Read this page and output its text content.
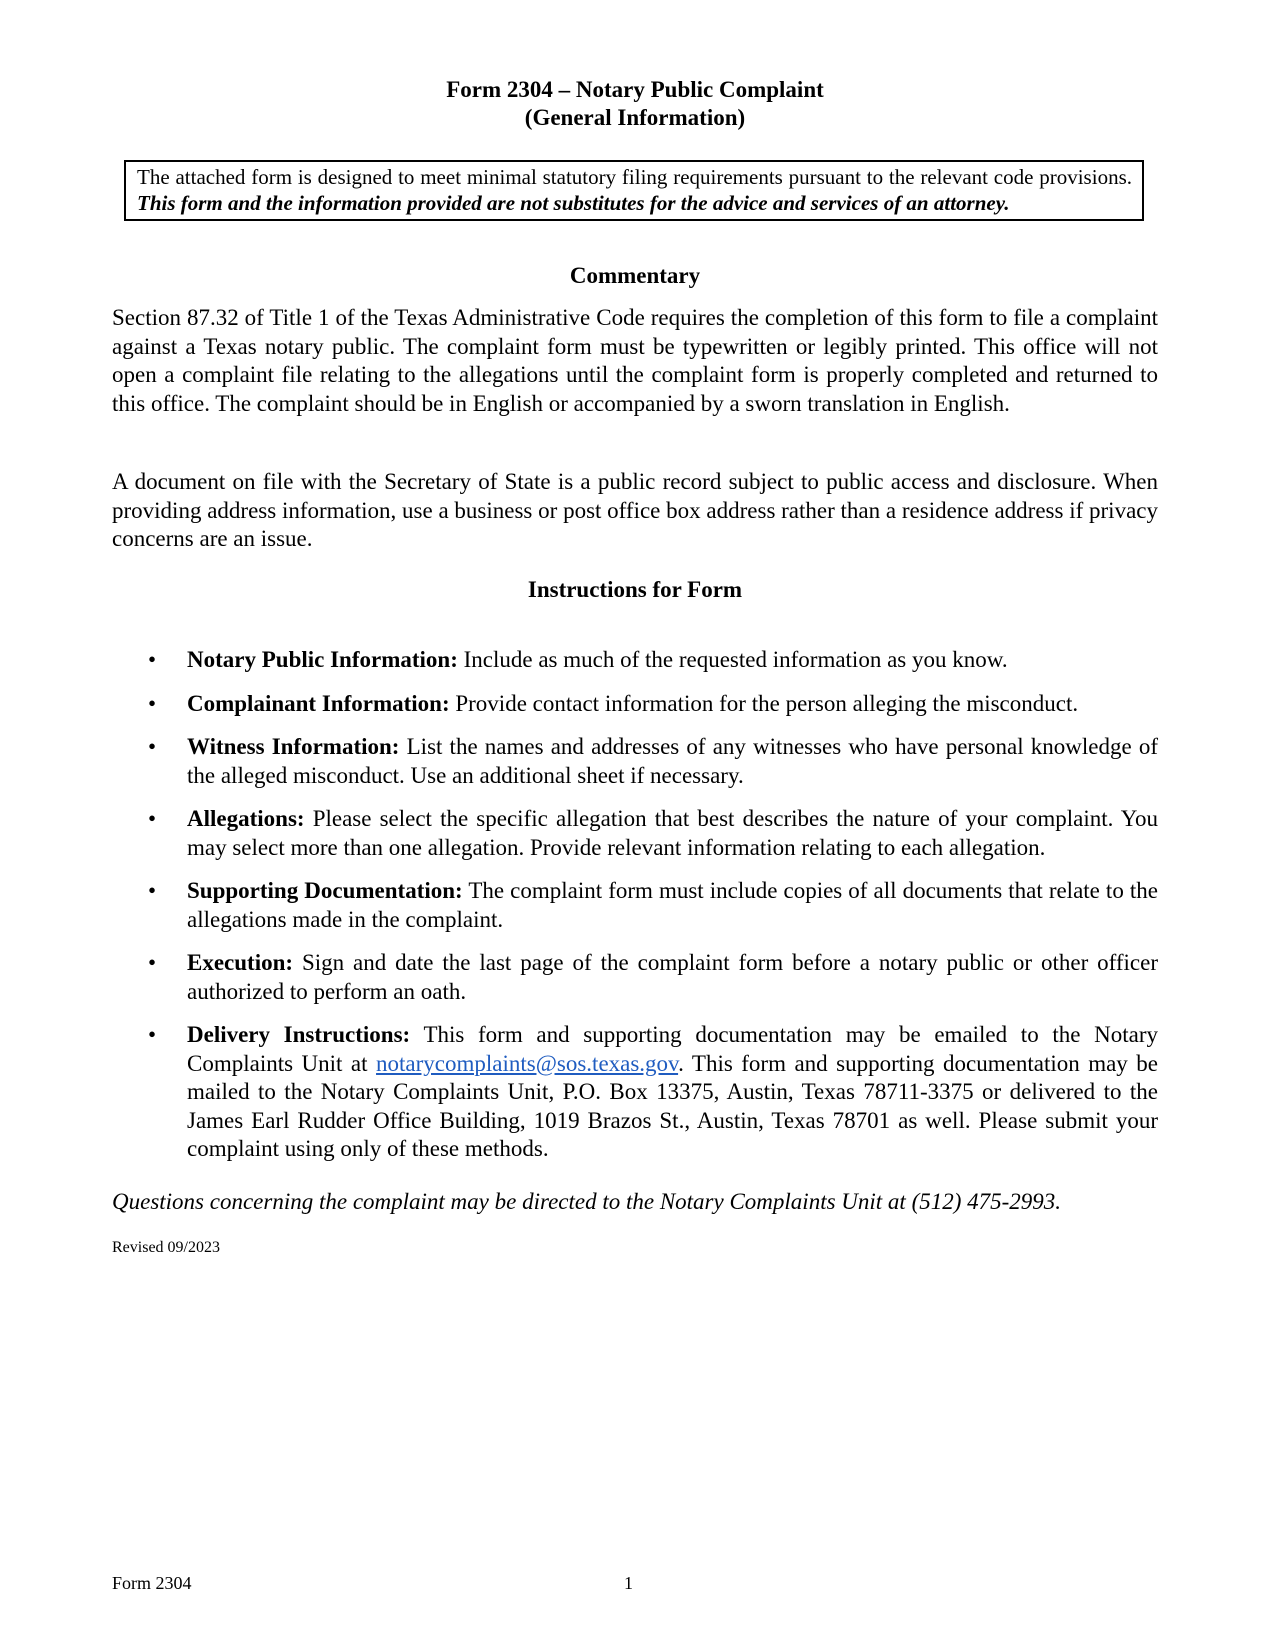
Form 2304 – Notary Public Complaint
(General Information)
The attached form is designed to meet minimal statutory filing requirements pursuant to the relevant code provisions. This form and the information provided are not substitutes for the advice and services of an attorney.
Commentary
Section 87.32 of Title 1 of the Texas Administrative Code requires the completion of this form to file a complaint against a Texas notary public. The complaint form must be typewritten or legibly printed. This office will not open a complaint file relating to the allegations until the complaint form is properly completed and returned to this office. The complaint should be in English or accompanied by a sworn translation in English.
A document on file with the Secretary of State is a public record subject to public access and disclosure. When providing address information, use a business or post office box address rather than a residence address if privacy concerns are an issue.
Instructions for Form
• Notary Public Information: Include as much of the requested information as you know.
• Complainant Information: Provide contact information for the person alleging the misconduct.
• Witness Information: List the names and addresses of any witnesses who have personal knowledge of the alleged misconduct. Use an additional sheet if necessary.
• Allegations: Please select the specific allegation that best describes the nature of your complaint. You may select more than one allegation. Provide relevant information relating to each allegation.
• Supporting Documentation: The complaint form must include copies of all documents that relate to the allegations made in the complaint.
• Execution: Sign and date the last page of the complaint form before a notary public or other officer authorized to perform an oath.
• Delivery Instructions: This form and supporting documentation may be emailed to the Notary Complaints Unit at notarycomplaints@sos.texas.gov. This form and supporting documentation may be mailed to the Notary Complaints Unit, P.O. Box 13375, Austin, Texas 78711-3375 or delivered to the James Earl Rudder Office Building, 1019 Brazos St., Austin, Texas 78701 as well. Please submit your complaint using only of these methods.
Questions concerning the complaint may be directed to the Notary Complaints Unit at (512) 475-2993.
Revised 09/2023
Form 2304	1
